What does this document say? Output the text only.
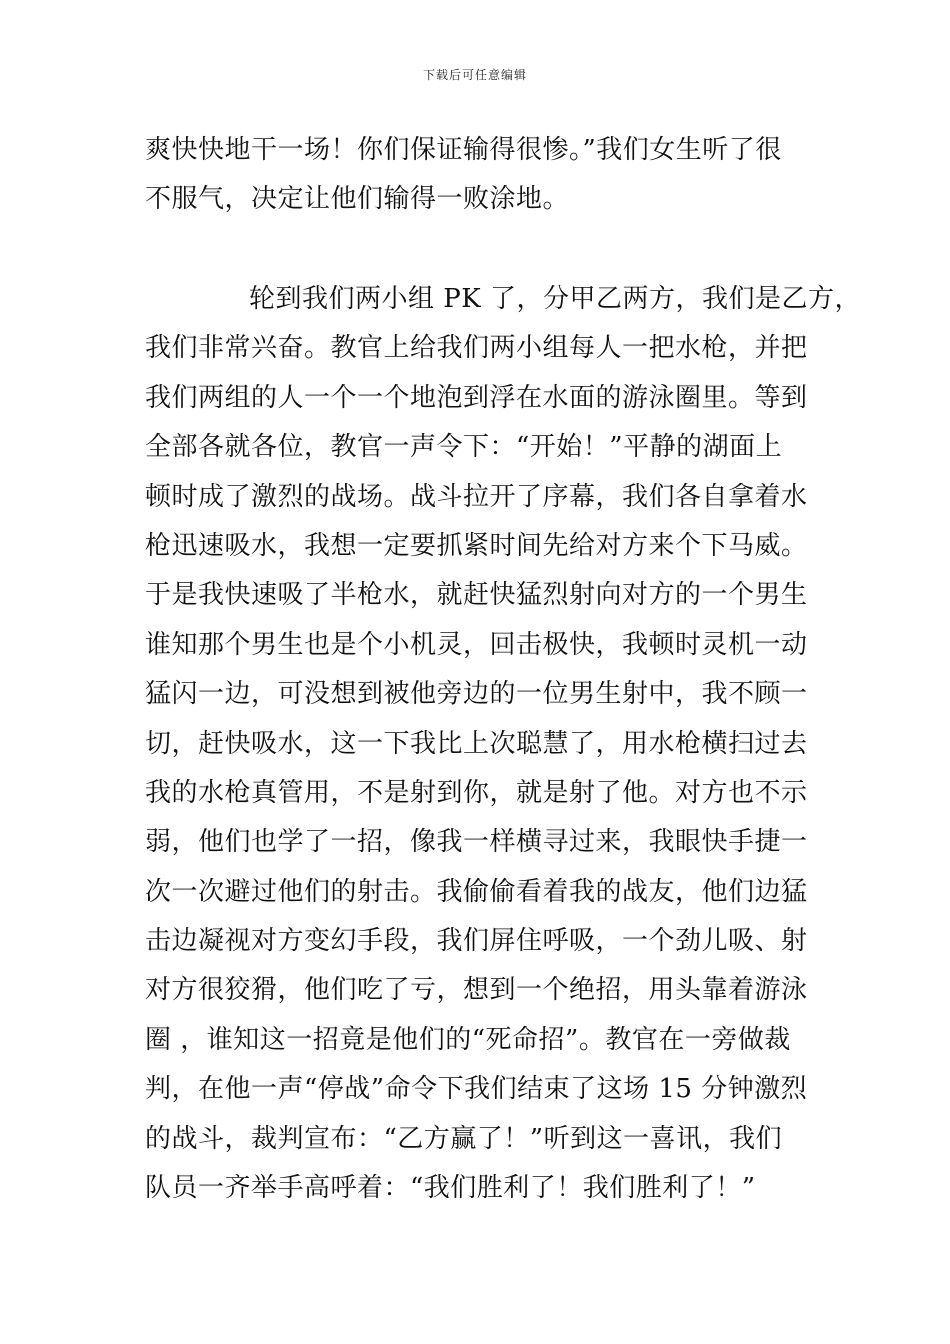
下载后可任意编辑
爽快快地干一场！你们保证输得很惨。”我们女生听了很
不服气，决定让他们输得一败涂地。
轮到我们两小组 PK 了，分甲乙两方，我们是乙方，
我们非常兴奋。教官上给我们两小组每人一把水枪，并把
我们两组的人一个一个地泡到浮在水面的游泳圈里。等到
全部各就各位，教官一声令下：“开始！”平静的湖面上
顿时成了激烈的战场。战斗拉开了序幕，我们各自拿着水
枪迅速吸水，我想一定要抓紧时间先给对方来个下马威。
于是我快速吸了半枪水，就赶快猛烈射向对方的一个男生
谁知那个男生也是个小机灵，回击极快，我顿时灵机一动
猛闪一边，可没想到被他旁边的一位男生射中，我不顾一
切，赶快吸水，这一下我比上次聪慧了，用水枪横扫过去
我的水枪真管用，不是射到你，就是射了他。对方也不示
弱，他们也学了一招，像我一样横寻过来，我眼快手捷一
次一次避过他们的射击。我偷偷看着我的战友，他们边猛
击边凝视对方变幻手段，我们屏住呼吸，一个劲儿吸、射
对方很狡猾，他们吃了亏，想到一个绝招，用头靠着游泳
圈 ，谁知这一招竟是他们的“死命招”。教官在一旁做裁
判，在他一声“停战”命令下我们结束了这场 15 分钟激烈
的战斗，裁判宣布：“乙方赢了！”听到这一喜讯，我们
队员一齐举手高呼着：“我们胜利了！我们胜利了！”
